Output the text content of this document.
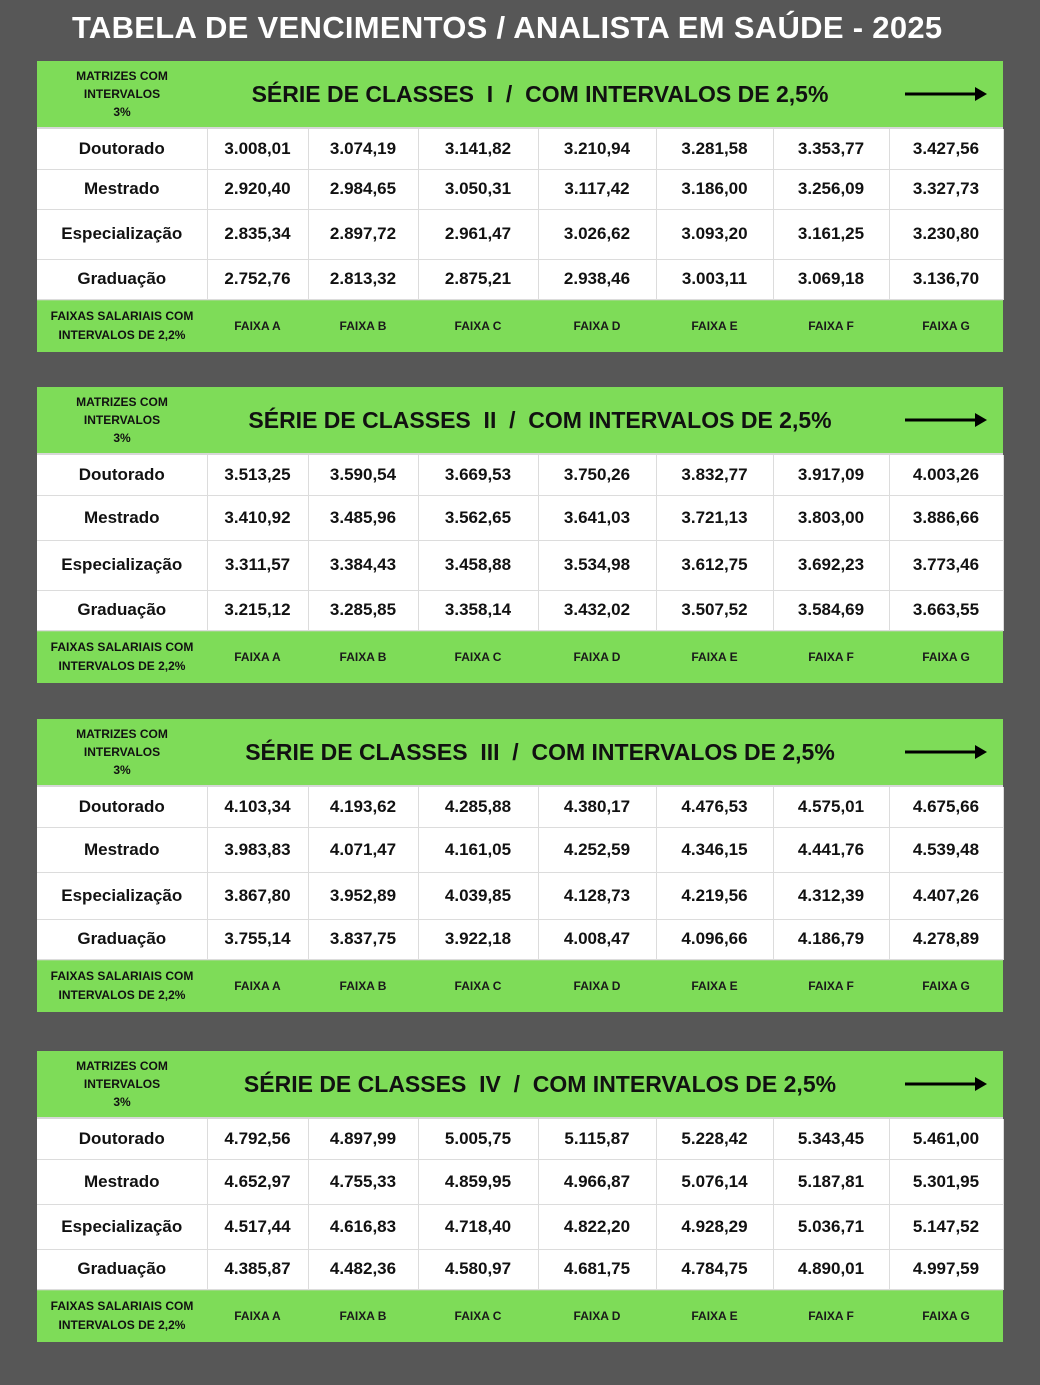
TABELA DE VENCIMENTOS / ANALISTA EM SAÚDE - 2025
MATRIZES COM
INTERVALOS
3%
SÉRIE DE CLASSES  I  /  COM INTERVALOS DE 2,5%
Doutorado	3.008,01	3.074,19	3.141,82	3.210,94	3.281,58	3.353,77	3.427,56
Mestrado	2.920,40	2.984,65	3.050,31	3.117,42	3.186,00	3.256,09	3.327,73
Especialização	2.835,34	2.897,72	2.961,47	3.026,62	3.093,20	3.161,25	3.230,80
Graduação	2.752,76	2.813,32	2.875,21	2.938,46	3.003,11	3.069,18	3.136,70
FAIXAS SALARIAIS COM
INTERVALOS DE 2,2%
FAIXA A	FAIXA B	FAIXA C	FAIXA D	FAIXA E	FAIXA F	FAIXA G
MATRIZES COM
INTERVALOS
3%
SÉRIE DE CLASSES  II  /  COM INTERVALOS DE 2,5%
Doutorado	3.513,25	3.590,54	3.669,53	3.750,26	3.832,77	3.917,09	4.003,26
Mestrado	3.410,92	3.485,96	3.562,65	3.641,03	3.721,13	3.803,00	3.886,66
Especialização	3.311,57	3.384,43	3.458,88	3.534,98	3.612,75	3.692,23	3.773,46
Graduação	3.215,12	3.285,85	3.358,14	3.432,02	3.507,52	3.584,69	3.663,55
FAIXAS SALARIAIS COM
INTERVALOS DE 2,2%
FAIXA A	FAIXA B	FAIXA C	FAIXA D	FAIXA E	FAIXA F	FAIXA G
MATRIZES COM
INTERVALOS
3%
SÉRIE DE CLASSES  III  /  COM INTERVALOS DE 2,5%
Doutorado	4.103,34	4.193,62	4.285,88	4.380,17	4.476,53	4.575,01	4.675,66
Mestrado	3.983,83	4.071,47	4.161,05	4.252,59	4.346,15	4.441,76	4.539,48
Especialização	3.867,80	3.952,89	4.039,85	4.128,73	4.219,56	4.312,39	4.407,26
Graduação	3.755,14	3.837,75	3.922,18	4.008,47	4.096,66	4.186,79	4.278,89
FAIXAS SALARIAIS COM
INTERVALOS DE 2,2%
FAIXA A	FAIXA B	FAIXA C	FAIXA D	FAIXA E	FAIXA F	FAIXA G
MATRIZES COM
INTERVALOS
3%
SÉRIE DE CLASSES  IV  /  COM INTERVALOS DE 2,5%
Doutorado	4.792,56	4.897,99	5.005,75	5.115,87	5.228,42	5.343,45	5.461,00
Mestrado	4.652,97	4.755,33	4.859,95	4.966,87	5.076,14	5.187,81	5.301,95
Especialização	4.517,44	4.616,83	4.718,40	4.822,20	4.928,29	5.036,71	5.147,52
Graduação	4.385,87	4.482,36	4.580,97	4.681,75	4.784,75	4.890,01	4.997,59
FAIXAS SALARIAIS COM
INTERVALOS DE 2,2%
FAIXA A	FAIXA B	FAIXA C	FAIXA D	FAIXA E	FAIXA F	FAIXA G
